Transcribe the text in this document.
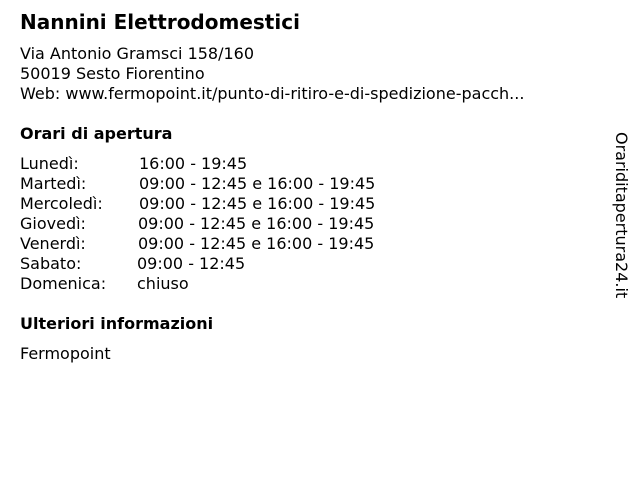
Nannini Elettrodomestici
Via Antonio Gramsci 158/160
50019 Sesto Fiorentino
Web: www.fermopoint.it/punto-di-ritiro-e-di-spedizione-pacch...
Orari di apertura
Lunedì:	16:00 - 19:45
Martedì:	09:00 - 12:45 e 16:00 - 19:45
Mercoledì: 09:00 - 12:45 e 16:00 - 19:45
Giovedì:	09:00 - 12:45 e 16:00 - 19:45
Venerdì:	09:00 - 12:45 e 16:00 - 19:45
Sabato:	09:00 - 12:45
Domenica: chiuso
Ulteriori informazioni
Fermopoint
Orariditapertura24.it
